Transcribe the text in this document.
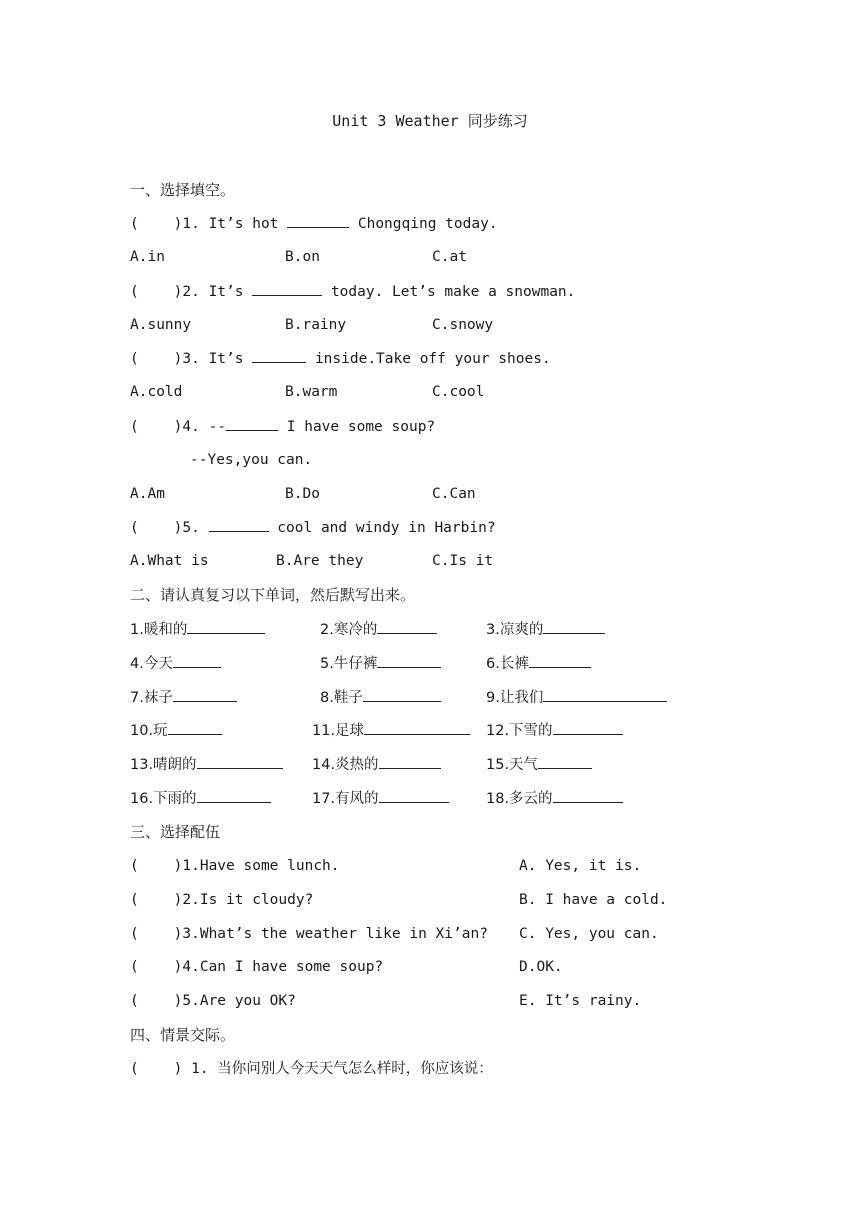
Unit 3 Weather 同步练习
一、选择填空。
(    )1. It’s hot	Chongqing today.
A.in	B.on	C.at
(    )2. It’s	today. Let’s make a snowman.
A.sunny	B.rainy	C.snowy
(    )3. It’s	inside.Take off your shoes.
A.cold	B.warm	C.cool
(    )4. --	I have some soup?
--Yes,you can.
A.Am	B.Do	C.Can
(    )5.	cool and windy in Harbin?
A.What is	B.Are they	C.Is it
二、请认真复习以下单词，然后默写出来。
1.暖和的	2.寒冷的	3.凉爽的
4.今天	5.牛仔裤	6.长裤
7.袜子	8.鞋子	9.让我们
10.玩	11.足球	12.下雪的
13.晴朗的	14.炎热的	15.天气
16.下雨的	17.有风的	18.多云的
三、选择配伍
(    )1.Have some lunch.	A. Yes, it is.
(    )2.Is it cloudy?	B. I have a cold.
(    )3.What’s the weather like in Xi’an? C. Yes, you can.
(    )4.Can I have some soup?	D.OK.
(    )5.Are you OK?	E. It’s rainy.
四、情景交际。
(    ) 1. 当你问别人今天天气怎么样时，你应该说：
